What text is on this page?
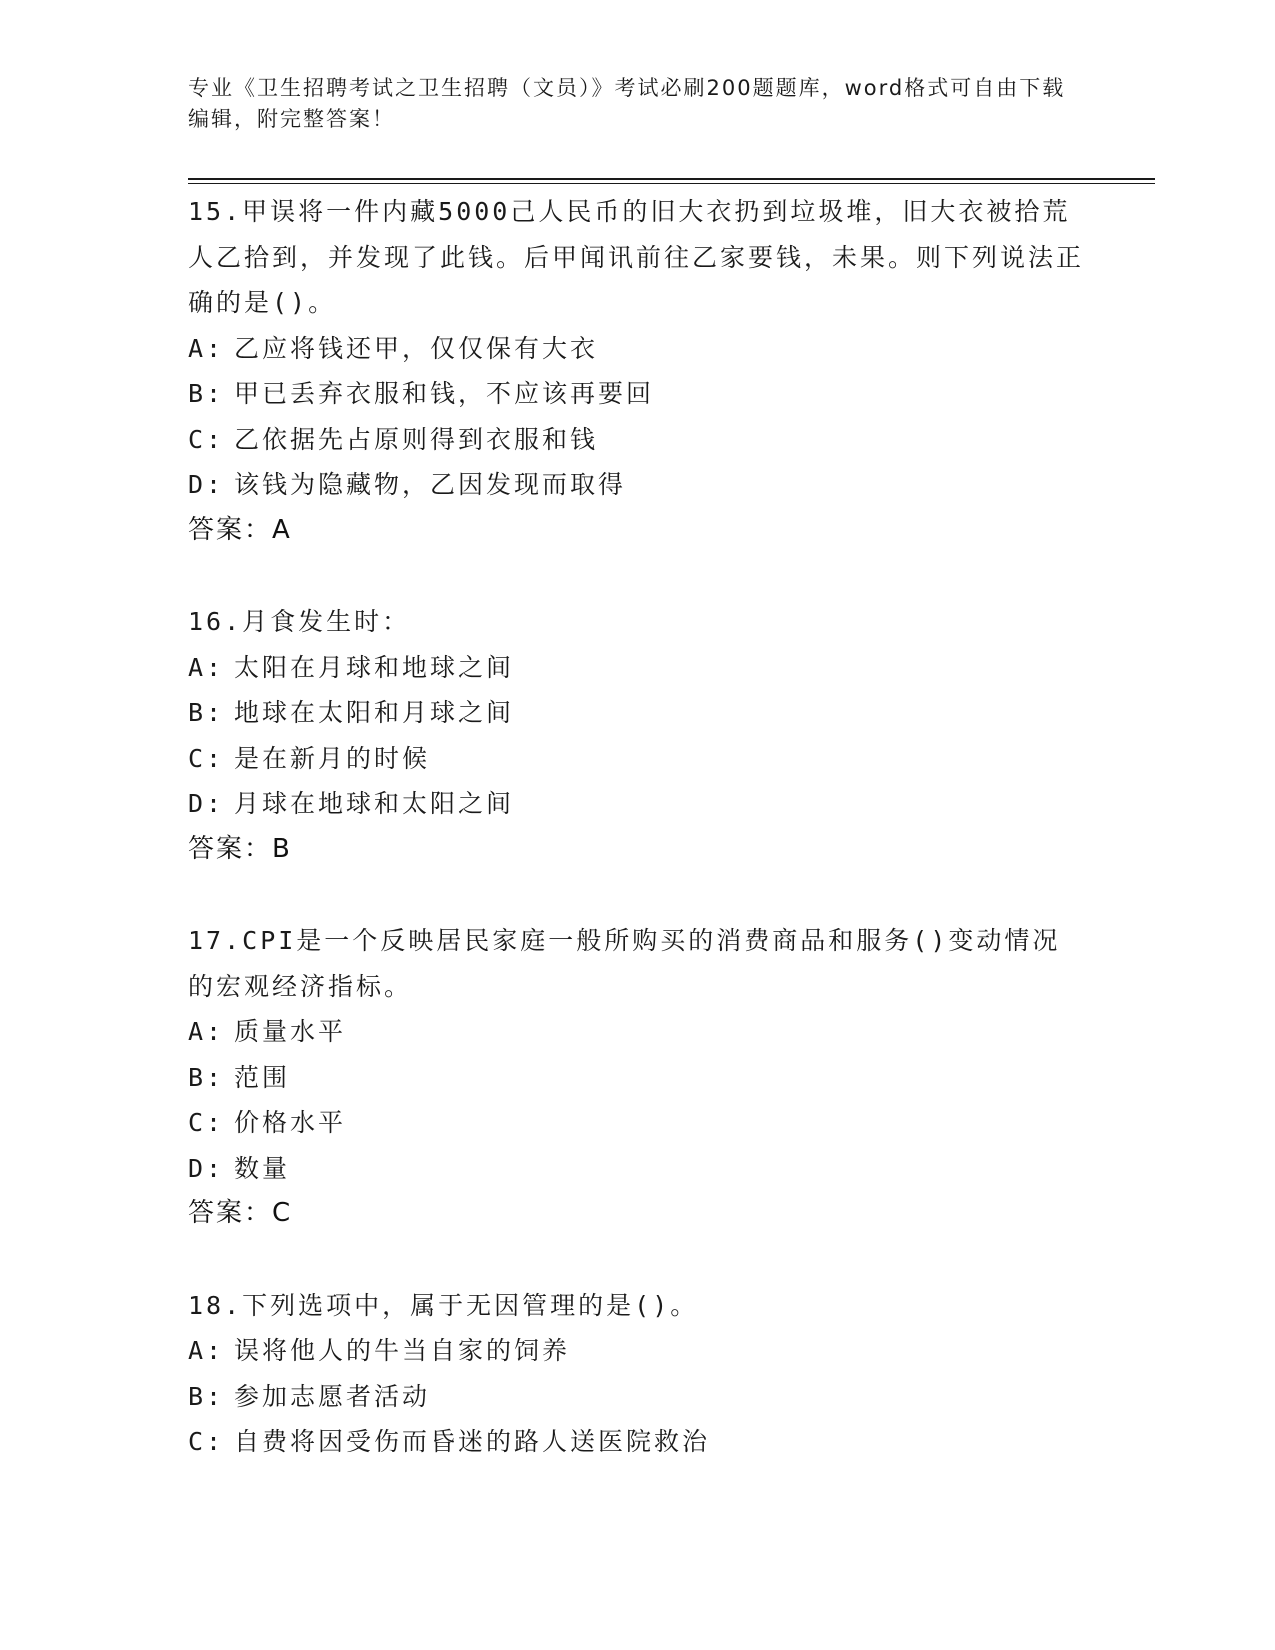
专业《卫生招聘考试之卫生招聘（文员）》考试必刷200题题库，word格式可自由下载编辑，附完整答案！

15.甲误将一件内藏5000己人民币的旧大衣扔到垃圾堆，旧大衣被拾荒人乙拾到，并发现了此钱。后甲闻讯前往乙家要钱，未果。则下列说法正确的是()。

A: 乙应将钱还甲，仅仅保有大衣

B: 甲已丢弃衣服和钱，不应该再要回

C: 乙依据先占原则得到衣服和钱

D: 该钱为隐藏物，乙因发现而取得

答案：A

16.月食发生时：

A: 太阳在月球和地球之间

B: 地球在太阳和月球之间

C: 是在新月的时候

D: 月球在地球和太阳之间

答案：B

17.CPI是一个反映居民家庭一般所购买的消费商品和服务()变动情况的宏观经济指标。

A: 质量水平

B: 范围

C: 价格水平

D: 数量

答案：C

18.下列选项中，属于无因管理的是()。

A: 误将他人的牛当自家的饲养

B: 参加志愿者活动

C: 自费将因受伤而昏迷的路人送医院救治
